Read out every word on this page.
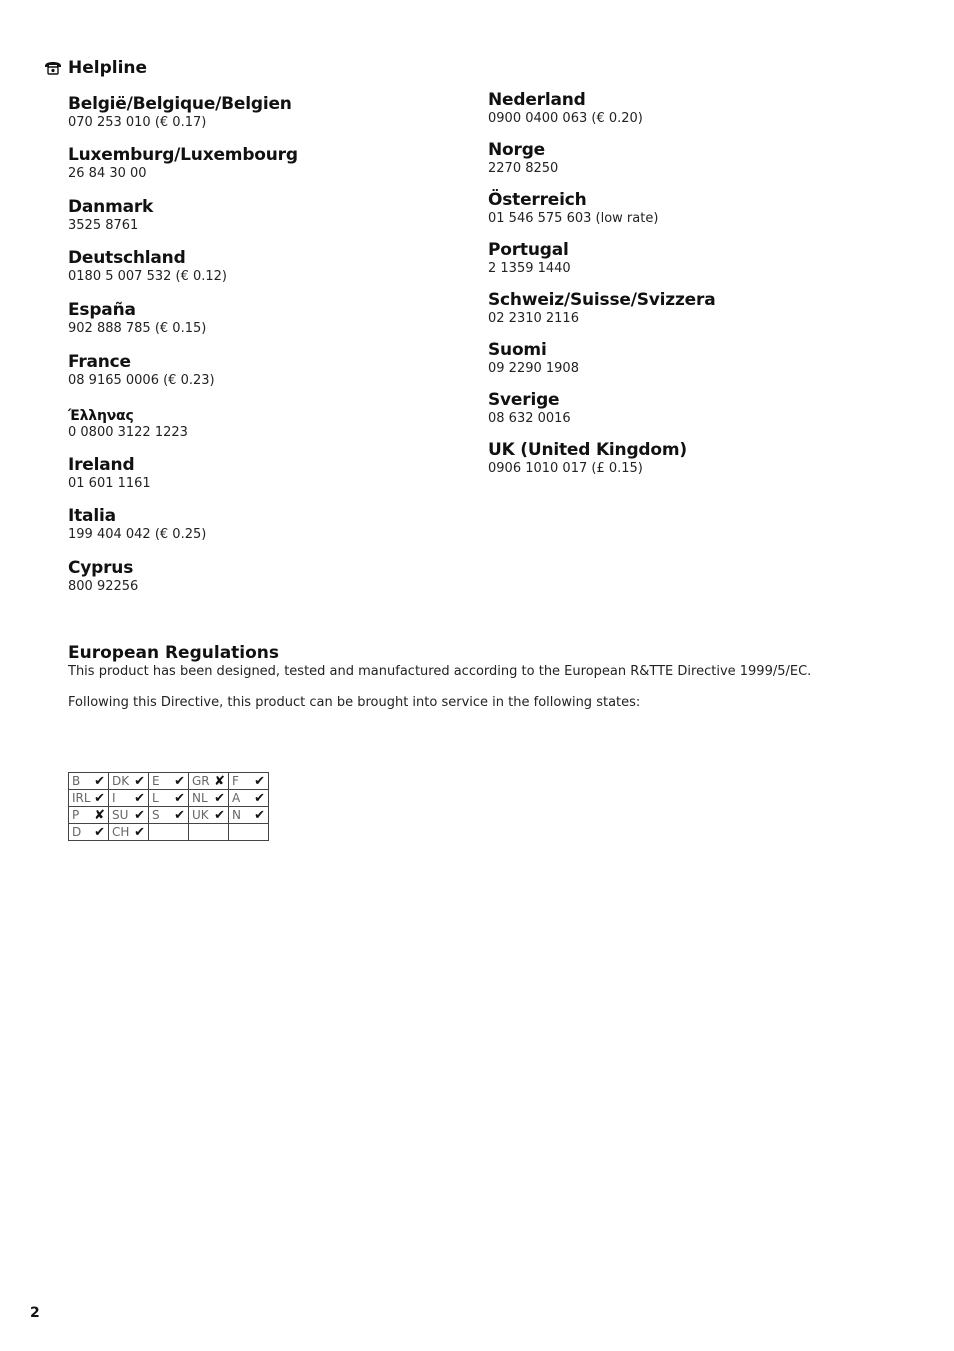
Helpline
België/Belgique/Belgien
070 253 010 (€ 0.17)
Luxemburg/Luxembourg
26 84 30 00
Danmark
3525 8761
Deutschland
0180 5 007 532 (€ 0.12)
España
902 888 785 (€ 0.15)
France
08 9165 0006 (€ 0.23)
Έλληνας
0 0800 3122 1223
Ireland
01 601 1161
Italia
199 404 042 (€ 0.25)
Cyprus
800 92256
Nederland
0900 0400 063 (€ 0.20)
Norge
2270 8250
Österreich
01 546 575 603 (low rate)
Portugal
2 1359 1440
Schweiz/Suisse/Svizzera
02 2310 2116
Suomi
09 2290 1908
Sverige
08 632 0016
UK (United Kingdom)
0906 1010 017 (£ 0.15)
European Regulations

This product has been designed, tested and manufactured according to the European R&TTE Directive 1999/5/EC.

Following this Directive, this product can be brought into service in the following states:

B ✔	DK ✔	E ✔	GR ✘	F ✔

IRL ✔	I ✔	L ✔	NL ✔	A ✔

P ✘	SU ✔	S ✔	UK ✔	N ✔

D ✔	CH ✔			

2
